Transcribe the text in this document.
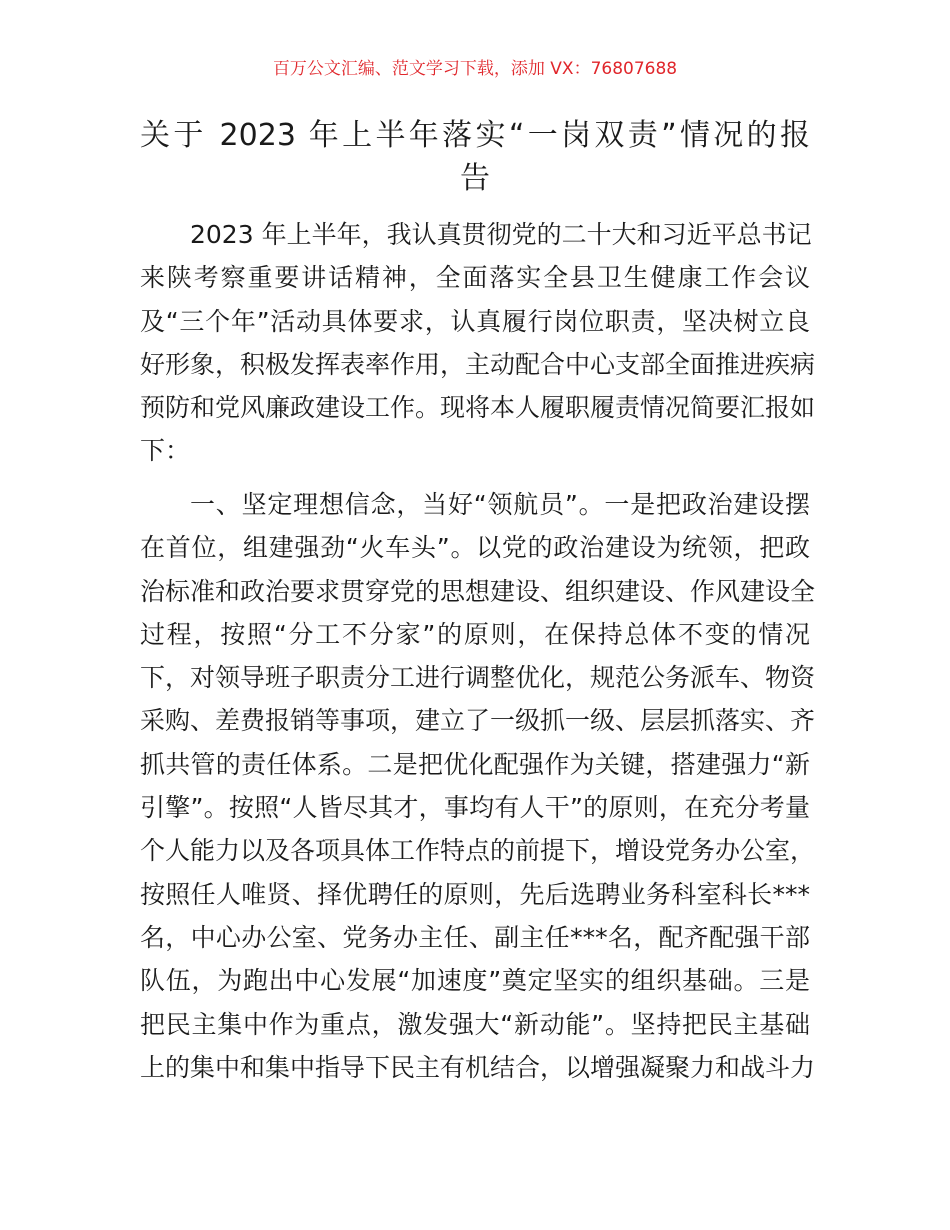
百万公文汇编、范文学习下载，添加 VX：76807688
关于 2023 年上半年落实“一岗双责”情况的报
告
2023 年上半年，我认真贯彻党的二十大和习近平总书记
来陕考察重要讲话精神，全面落实全县卫生健康工作会议
及“三个年”活动具体要求，认真履行岗位职责，坚决树立良
好形象，积极发挥表率作用，主动配合中心支部全面推进疾病
预防和党风廉政建设工作。现将本人履职履责情况简要汇报如
下：
一、坚定理想信念，当好“领航员”。一是把政治建设摆
在首位，组建强劲“火车头”。以党的政治建设为统领，把政
治标准和政治要求贯穿党的思想建设、组织建设、作风建设全
过程，按照“分工不分家”的原则，在保持总体不变的情况
下，对领导班子职责分工进行调整优化，规范公务派车、物资
采购、差费报销等事项，建立了一级抓一级、层层抓落实、齐
抓共管的责任体系。二是把优化配强作为关键，搭建强力“新
引擎”。按照“人皆尽其才，事均有人干”的原则，在充分考量
个人能力以及各项具体工作特点的前提下，增设党务办公室，
按照任人唯贤、择优聘任的原则，先后选聘业务科室科长***
名，中心办公室、党务办主任、副主任***名，配齐配强干部
队伍，为跑出中心发展“加速度”奠定坚实的组织基础。三是
把民主集中作为重点，激发强大“新动能”。坚持把民主基础
上的集中和集中指导下民主有机结合，以增强凝聚力和战斗力
